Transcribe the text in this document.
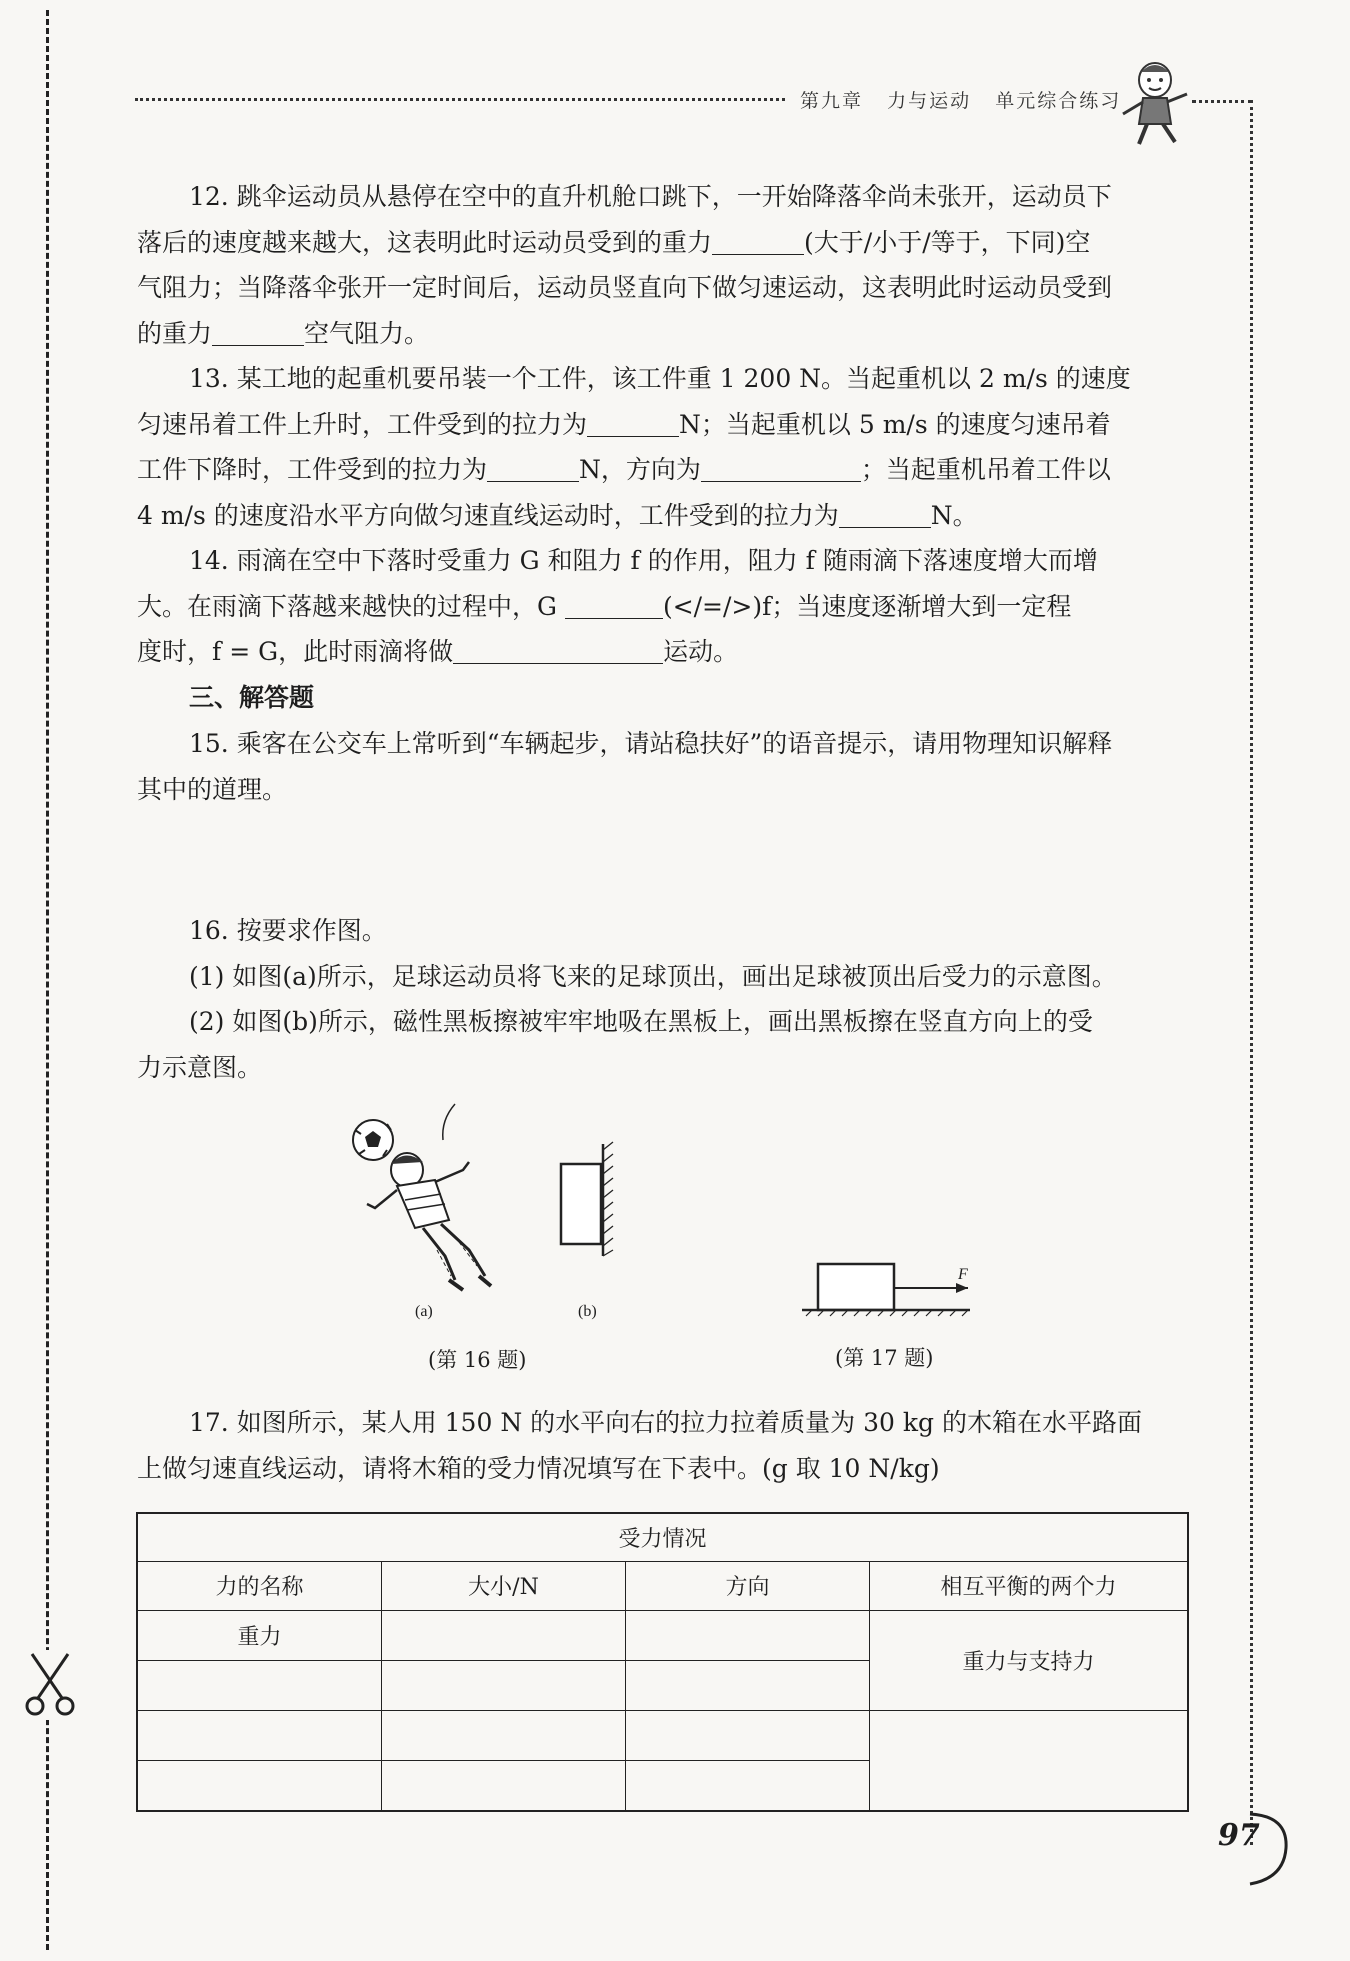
第九章 力与运动 单元综合练习

12. 跳伞运动员从悬停在空中的直升机舱口跳下，一开始降落伞尚未张开，运动员下

落后的速度越来越大，这表明此时运动员受到的重力	(大于/小于/等于，下同)空
气阻力；当降落伞张开一定时间后，运动员竖直向下做匀速运动，这表明此时运动员受到
的重力	空气阻力。

13. 某工地的起重机要吊装一个工件，该工件重 1 200 N。当起重机以 2 m/s 的速度

匀速吊着工件上升时，工件受到的拉力为	N；当起重机以 5 m/s 的速度匀速吊着
工件下降时，工件受到的拉力为	N，方向为	；当起重机吊着工件以
4 m/s 的速度沿水平方向做匀速直线运动时，工件受到的拉力为	N。

14. 雨滴在空中下落时受重力 G 和阻力 f 的作用，阻力 f 随雨滴下落速度增大而增

大。在雨滴下落越来越快的过程中，G	(</=/>)f；当速度逐渐增大到一定程
度时，f = G，此时雨滴将做	运动。

三、解答题

15. 乘客在公交车上常听到“车辆起步，请站稳扶好”的语音提示，请用物理知识解释

其中的道理。

16. 按要求作图。

(1) 如图(a)所示，足球运动员将飞来的足球顶出，画出足球被顶出后受力的示意图。

(2) 如图(b)所示，磁性黑板擦被牢牢地吸在黑板上，画出黑板擦在竖直方向上的受

力示意图。
(a)	(b)
F
(第 16 题)	(第 17 题)

17. 如图所示，某人用 150 N 的水平向右的拉力拉着质量为 30 kg 的木箱在水平路面

上做匀速直线运动，请将木箱的受力情况填写在下表中。(g 取 10 N/kg)
受力情况			
力的名称	大小/N	方向	相互平衡的两个力
重力			重力与支持力

97
